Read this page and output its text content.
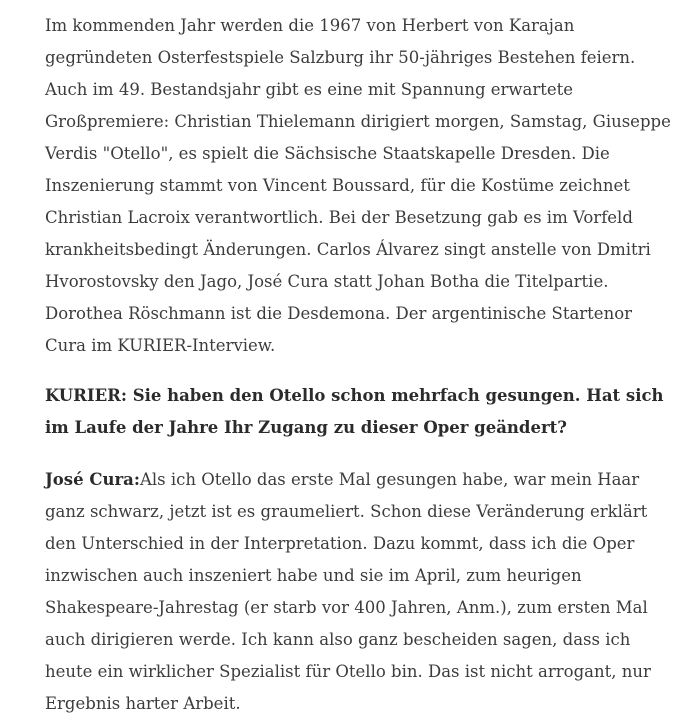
Im kommenden Jahr werden die 1967 von Herbert von Karajan gegründeten Osterfestspiele Salzburg ihr 50-jähriges Bestehen feiern. Auch im 49. Bestandsjahr gibt es eine mit Spannung erwartete Großpremiere: Christian Thielemann dirigiert morgen, Samstag, Giuseppe Verdis "Otello", es spielt die Sächsische Staatskapelle Dresden. Die Inszenierung stammt von Vincent Boussard, für die Kostüme zeichnet Christian Lacroix verantwortlich. Bei der Besetzung gab es im Vorfeld krankheitsbedingt Änderungen. Carlos Álvarez singt anstelle von Dmitri Hvorostovsky den Jago, José Cura statt Johan Botha die Titelpartie. Dorothea Röschmann ist die Desdemona. Der argentinische Startenor Cura im KURIER-Interview.

KURIER: Sie haben den Otello schon mehrfach gesungen. Hat sich im Laufe der Jahre Ihr Zugang zu dieser Oper geändert?

José Cura:Als ich Otello das erste Mal gesungen habe, war mein Haar ganz schwarz, jetzt ist es graumeliert. Schon diese Veränderung erklärt den Unterschied in der Interpretation. Dazu kommt, dass ich die Oper inzwischen auch inszeniert habe und sie im April, zum heurigen Shakespeare-Jahrestag (er starb vor 400 Jahren, Anm.), zum ersten Mal auch dirigieren werde. Ich kann also ganz bescheiden sagen, dass ich heute ein wirklicher Spezialist für Otello bin. Das ist nicht arrogant, nur Ergebnis harter Arbeit.
